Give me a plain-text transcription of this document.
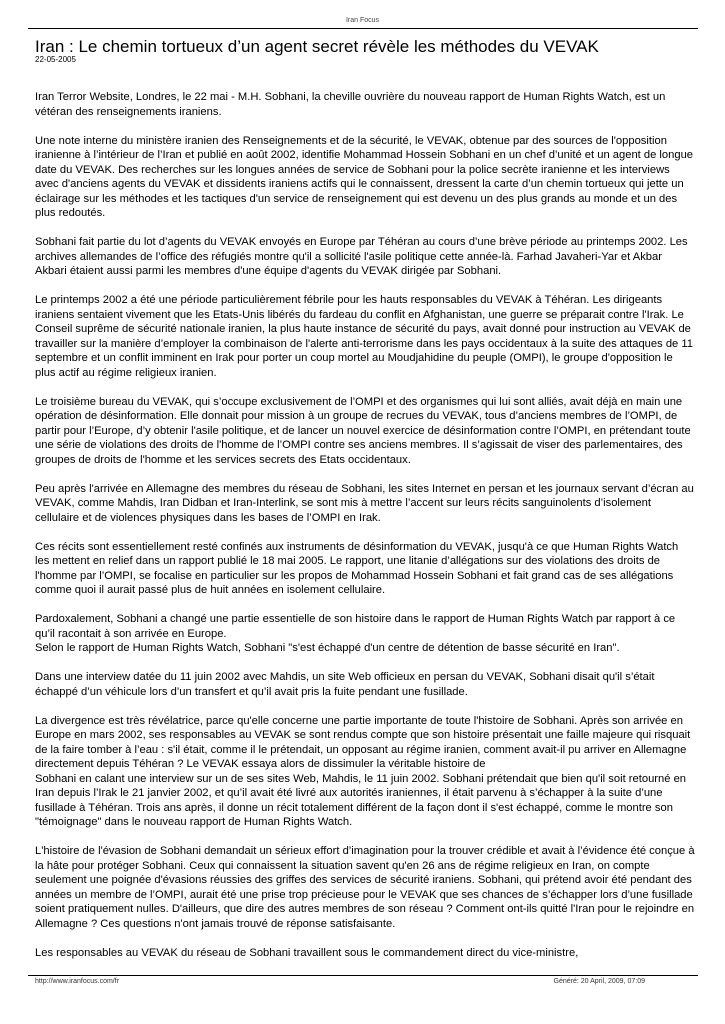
Iran Focus
Iran : Le chemin tortueux d’un agent secret révèle les méthodes du VEVAK
22-05-2005

Iran Terror Website, Londres, le 22 mai - M.H. Sobhani, la cheville ouvrière du nouveau rapport de Human Rights Watch, est un vétéran des renseignements iraniens.

Une note interne du ministère iranien des Renseignements et de la sécurité, le VEVAK, obtenue par des sources de l'opposition iranienne à l’intérieur de l’Iran et publié en août 2002, identifie Mohammad Hossein Sobhani en un chef d’unité et un agent de longue date du VEVAK. Des recherches sur les longues années de service de Sobhani pour la police secrète iranienne et les interviews avec d'anciens agents du VEVAK et dissidents iraniens actifs qui le connaissent, dressent la carte d’un chemin tortueux qui jette un éclairage sur les méthodes et les tactiques d'un service de renseignement qui est devenu un des plus grands au monde et un des plus redoutés.

Sobhani fait partie du lot d’agents du VEVAK envoyés en Europe par Téhéran au cours d’une brève période au printemps 2002. Les archives allemandes de l’office des réfugiés montre qu'il a sollicité l'asile politique cette année-là. Farhad Javaheri-Yar et Akbar Akbari étaient aussi parmi les membres d'une équipe d'agents du VEVAK dirigée par Sobhani.

Le printemps 2002 a été une période particulièrement fébrile pour les hauts responsables du VEVAK à Téhéran. Les dirigeants iraniens sentaient vivement que les Etats-Unis libérés du fardeau du conflit en Afghanistan, une guerre se préparait contre l'Irak. Le Conseil suprême de sécurité nationale iranien, la plus haute instance de sécurité du pays, avait donné pour instruction au VEVAK de travailler sur la manière d’employer la combinaison de l'alerte anti-terrorisme dans les pays occidentaux à la suite des attaques de 11 septembre et un conflit imminent en Irak pour porter un coup mortel au Moudjahidine du peuple (OMPI), le groupe d'opposition le plus actif au régime religieux iranien.

Le troisième bureau du VEVAK, qui s’occupe exclusivement de l’OMPI et des organismes qui lui sont alliés, avait déjà en main une opération de désinformation. Elle donnait pour mission à un groupe de recrues du VEVAK, tous d’anciens membres de l’OMPI, de partir pour l’Europe, d’y obtenir l'asile politique, et de lancer un nouvel exercice de désinformation contre l’OMPI, en prétendant toute une série de violations des droits de l'homme de l’OMPI contre ses anciens membres. Il s’agissait de viser des parlementaires, des groupes de droits de l'homme et les services secrets des Etats occidentaux.

Peu après l'arrivée en Allemagne des membres du réseau de Sobhani, les sites Internet en persan et les journaux servant d’écran au VEVAK, comme Mahdis, Iran Didban et Iran-Interlink, se sont mis à mettre l’accent sur leurs récits sanguinolents d’isolement cellulaire et de violences physiques dans les bases de l’OMPI en Irak.

Ces récits sont essentiellement resté confinés aux instruments de désinformation du VEVAK, jusqu'à ce que Human Rights Watch les mettent en relief dans un rapport publié le 18 mai 2005. Le rapport, une litanie d’allégations sur des violations des droits de l'homme par l’OMPI, se focalise en particulier sur les propos de Mohammad Hossein Sobhani et fait grand cas de ses allégations comme quoi il aurait passé plus de huit années en isolement cellulaire.

Pardoxalement, Sobhani a changé une partie essentielle de son histoire dans le rapport de Human Rights Watch par rapport à ce qu’il racontait à son arrivée en Europe.
Selon le rapport de Human Rights Watch, Sobhani "s'est échappé d'un centre de détention de basse sécurité en Iran".

Dans une interview datée du 11 juin 2002 avec Mahdis, un site Web officieux en persan du VEVAK, Sobhani disait qu'il s’était échappé d’un véhicule lors d’un transfert et qu’il avait pris la fuite pendant une fusillade.

La divergence est très révélatrice, parce qu'elle concerne une partie importante de toute l'histoire de Sobhani. Après son arrivée en Europe en mars 2002, ses responsables au VEVAK se sont rendus compte que son histoire présentait une faille majeure qui risquait de la faire tomber à l’eau : s'il était, comme il le prétendait, un opposant au régime iranien, comment avait-il pu arriver en Allemagne directement depuis Téhéran ? Le VEVAK essaya alors de dissimuler la véritable histoire de
Sobhani en calant une interview sur un de ses sites Web, Mahdis, le 11 juin 2002. Sobhani prétendait que bien qu'il soit retourné en Iran depuis l’Irak le 21 janvier 2002, et qu’il avait été livré aux autorités iraniennes, il était parvenu à s’échapper à la suite d’une fusillade à Téhéran. Trois ans après, il donne un récit totalement différent de la façon dont il s'est échappé, comme le montre son "témoignage" dans le nouveau rapport de Human Rights Watch.

L'histoire de l'évasion de Sobhani demandait un sérieux effort d’imagination pour la trouver crédible et avait à l’évidence été conçue à la hâte pour protéger Sobhani. Ceux qui connaissent la situation savent qu'en 26 ans de régime religieux en Iran, on compte seulement une poignée d'évasions réussies des griffes des services de sécurité iraniens. Sobhani, qui prétend avoir été pendant des années un membre de l’OMPI, aurait été une prise trop précieuse pour le VEVAK que ses chances de s’échapper lors d’une fusillade soient pratiquement nulles. D'ailleurs, que dire des autres membres de son réseau ? Comment ont-ils quitté l'Iran pour le rejoindre en Allemagne ? Ces questions n'ont jamais trouvé de réponse satisfaisante.

Les responsables au VEVAK du réseau de Sobhani travaillent sous le commandement direct du vice-ministre,

http://www.iranfocus.com/fr	Généré: 20 April, 2009, 07:09
